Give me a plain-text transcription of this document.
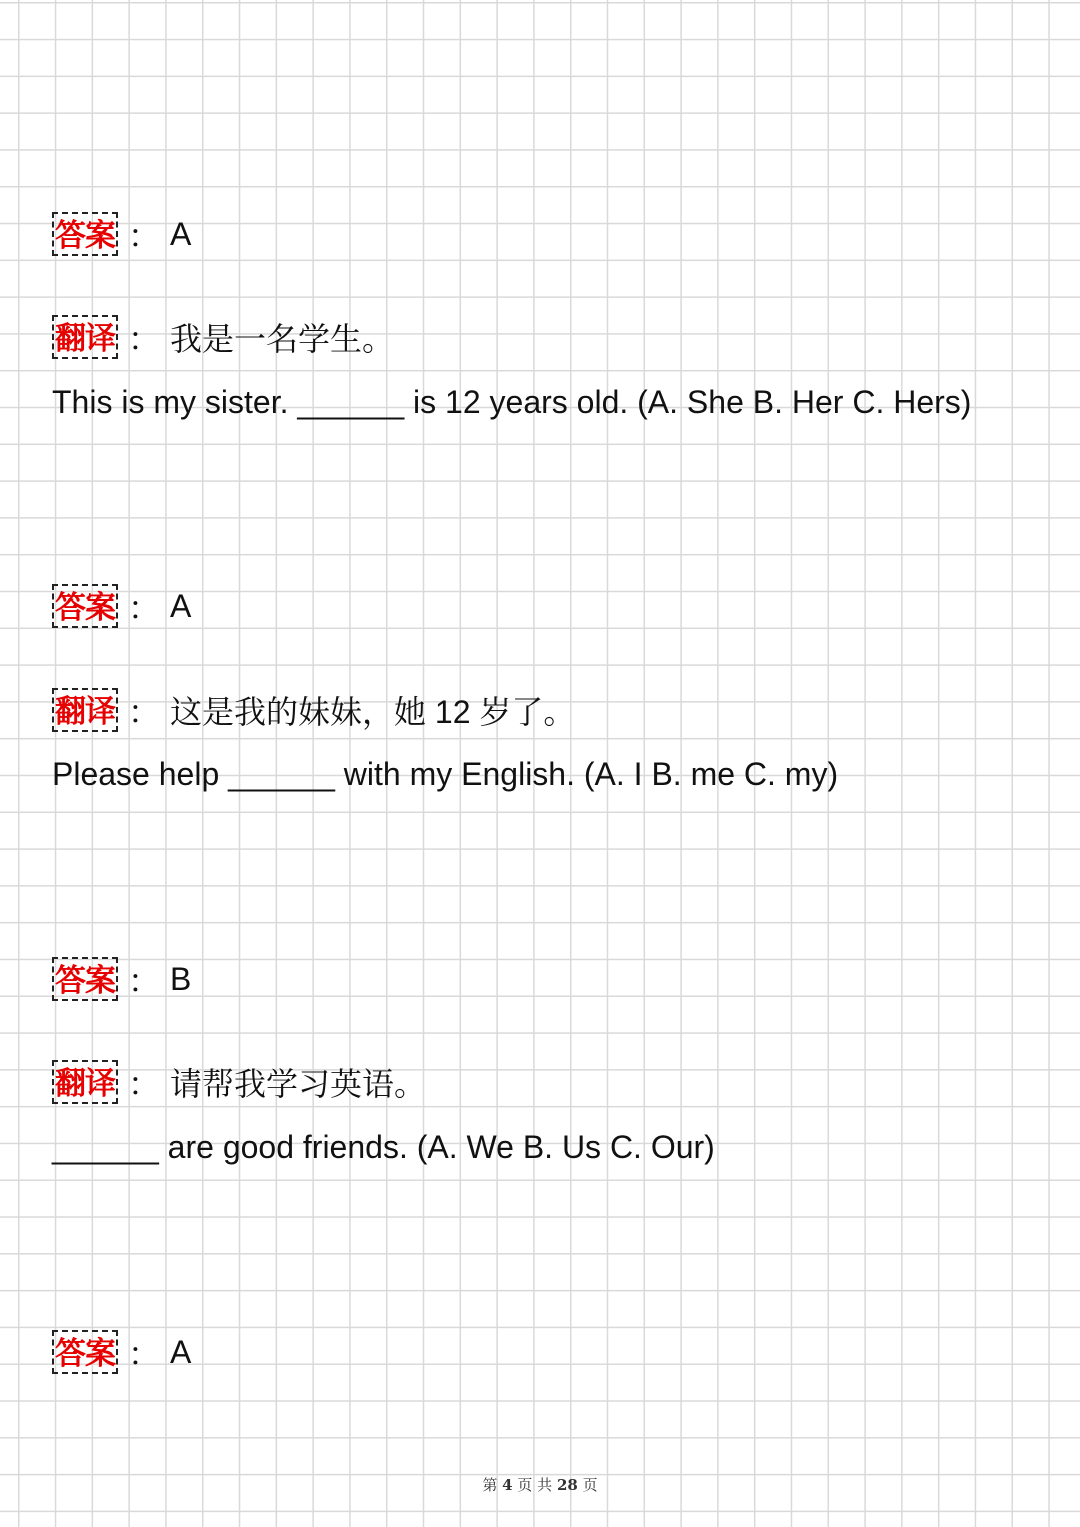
答案 ： A
翻译 ： 我是一名学生。
This is my sister. ______ is 12 years old. (A. She B. Her C. Hers)
答案 ： A
翻译 ： 这是我的妹妹，她 12 岁了。
Please help ______ with my English. (A. I B. me C. my)
答案 ： B
翻译 ： 请帮我学习英语。
______ are good friends. (A. We B. Us C. Our)
答案 ： A
第 4 页 共 28 页
